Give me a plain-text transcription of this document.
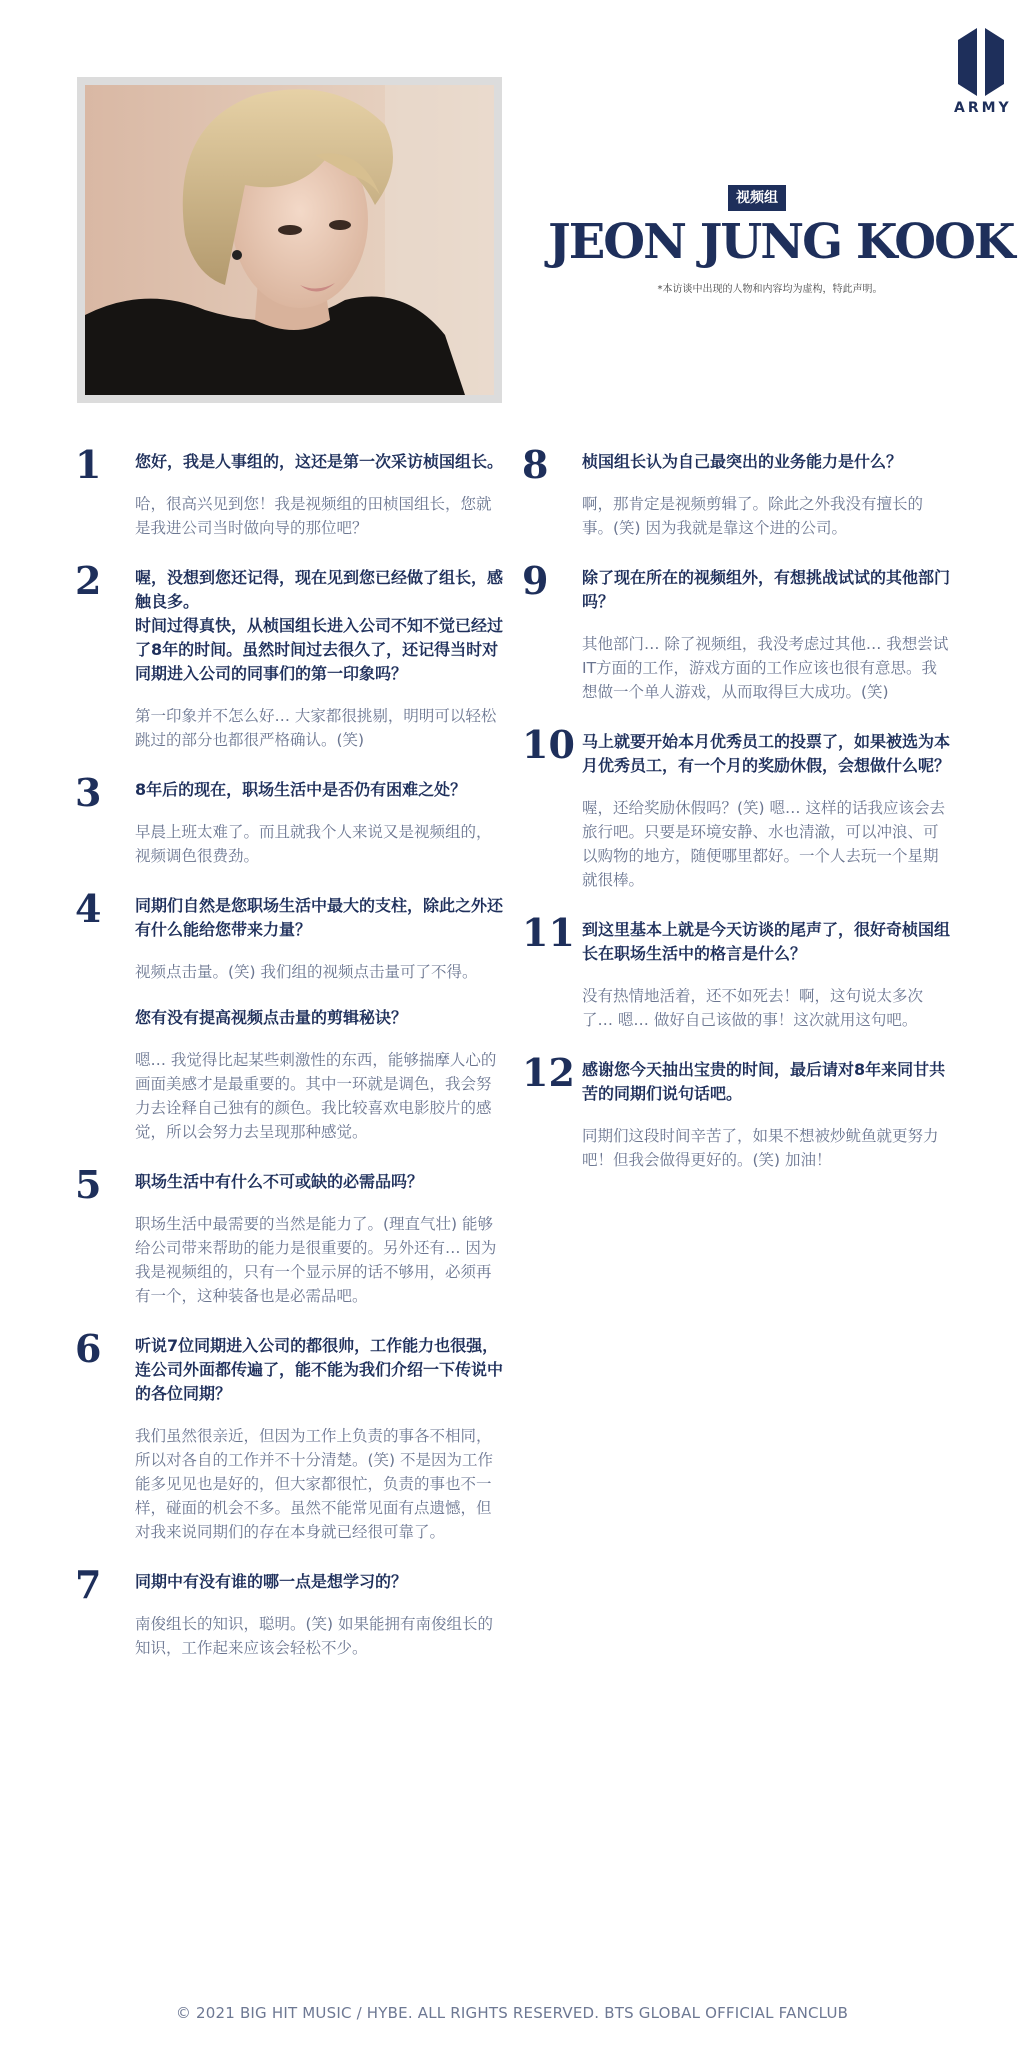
ARMY
视频组
JEON JUNG KOOK
*本访谈中出现的人物和内容均为虚构，特此声明。
1	您好，我是人事组的，这还是第一次采访桢国组长。

哈，很高兴见到您！我是视频组的田桢国组长，您就是我进公司当时做向导的那位吧？

2	喔，没想到您还记得，现在见到您已经做了组长，感触良多。
时间过得真快，从桢国组长进入公司不知不觉已经过了8年的时间。虽然时间过去很久了，还记得当时对同期进入公司的同事们的第一印象吗？

第一印象并不怎么好… 大家都很挑剔，明明可以轻松跳过的部分也都很严格确认。(笑)

3	8年后的现在，职场生活中是否仍有困难之处？

早晨上班太难了。而且就我个人来说又是视频组的，视频调色很费劲。

4	同期们自然是您职场生活中最大的支柱，除此之外还有什么能给您带来力量？

视频点击量。(笑) 我们组的视频点击量可了不得。

您有没有提高视频点击量的剪辑秘诀？

嗯… 我觉得比起某些刺激性的东西，能够揣摩人心的画面美感才是最重要的。其中一环就是调色，我会努力去诠释自己独有的颜色。我比较喜欢电影胶片的感觉，所以会努力去呈现那种感觉。

5	职场生活中有什么不可或缺的必需品吗？

职场生活中最需要的当然是能力了。(理直气壮) 能够给公司带来帮助的能力是很重要的。另外还有… 因为我是视频组的，只有一个显示屏的话不够用，必须再有一个，这种装备也是必需品吧。

6	听说7位同期进入公司的都很帅，工作能力也很强，连公司外面都传遍了，能不能为我们介绍一下传说中的各位同期？

我们虽然很亲近，但因为工作上负责的事各不相同，所以对各自的工作并不十分清楚。(笑) 不是因为工作能多见见也是好的，但大家都很忙，负责的事也不一样，碰面的机会不多。虽然不能常见面有点遗憾，但对我来说同期们的存在本身就已经很可靠了。

7	同期中有没有谁的哪一点是想学习的？

南俊组长的知识，聪明。(笑) 如果能拥有南俊组长的知识，工作起来应该会轻松不少。

8	桢国组长认为自己最突出的业务能力是什么？

啊，那肯定是视频剪辑了。除此之外我没有擅长的事。(笑) 因为我就是靠这个进的公司。

9	除了现在所在的视频组外，有想挑战试试的其他部门吗？

其他部门… 除了视频组，我没考虑过其他… 我想尝试IT方面的工作，游戏方面的工作应该也很有意思。我想做一个单人游戏，从而取得巨大成功。(笑)

10 马上就要开始本月优秀员工的投票了，如果被选为本月优秀员工，有一个月的奖励休假，会想做什么呢？

喔，还给奖励休假吗？(笑) 嗯… 这样的话我应该会去旅行吧。只要是环境安静、水也清澈，可以冲浪、可以购物的地方，随便哪里都好。一个人去玩一个星期就很棒。

11 到这里基本上就是今天访谈的尾声了，很好奇桢国组长在职场生活中的格言是什么？

没有热情地活着，还不如死去！啊，这句说太多次了… 嗯… 做好自己该做的事！这次就用这句吧。

12 感谢您今天抽出宝贵的时间，最后请对8年来同甘共苦的同期们说句话吧。

同期们这段时间辛苦了，如果不想被炒鱿鱼就更努力吧！但我会做得更好的。(笑) 加油！

© 2021 BIG HIT MUSIC / HYBE. ALL RIGHTS RESERVED. BTS GLOBAL OFFICIAL FANCLUB
